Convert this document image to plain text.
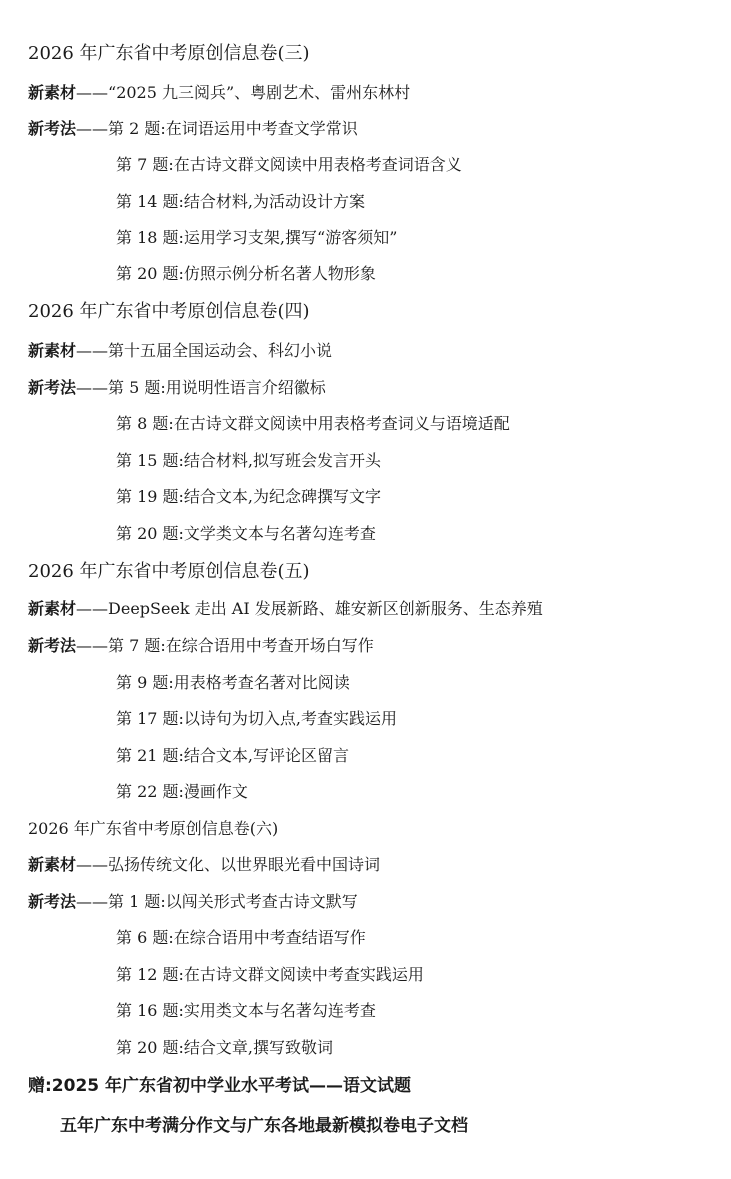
2026 年广东省中考原创信息卷(三)
新素材——“2025 九三阅兵”、粤剧艺术、雷州东林村
新考法——第 2 题:在词语运用中考查文学常识
第 7 题:在古诗文群文阅读中用表格考查词语含义
第 14 题:结合材料,为活动设计方案
第 18 题:运用学习支架,撰写“游客须知”
第 20 题:仿照示例分析名著人物形象
2026 年广东省中考原创信息卷(四)
新素材——第十五届全国运动会、科幻小说
新考法——第 5 题:用说明性语言介绍徽标
第 8 题:在古诗文群文阅读中用表格考查词义与语境适配
第 15 题:结合材料,拟写班会发言开头
第 19 题:结合文本,为纪念碑撰写文字
第 20 题:文学类文本与名著勾连考查
2026 年广东省中考原创信息卷(五)
新素材——DeepSeek 走出 AI 发展新路、雄安新区创新服务、生态养殖
新考法——第 7 题:在综合语用中考查开场白写作
第 9 题:用表格考查名著对比阅读
第 17 题:以诗句为切入点,考查实践运用
第 21 题:结合文本,写评论区留言
第 22 题:漫画作文
2026 年广东省中考原创信息卷(六)
新素材——弘扬传统文化、以世界眼光看中国诗词
新考法——第 1 题:以闯关形式考查古诗文默写
第 6 题:在综合语用中考查结语写作
第 12 题:在古诗文群文阅读中考查实践运用
第 16 题:实用类文本与名著勾连考查
第 20 题:结合文章,撰写致敬词
赠:2025 年广东省初中学业水平考试——语文试题
五年广东中考满分作文与广东各地最新模拟卷电子文档
